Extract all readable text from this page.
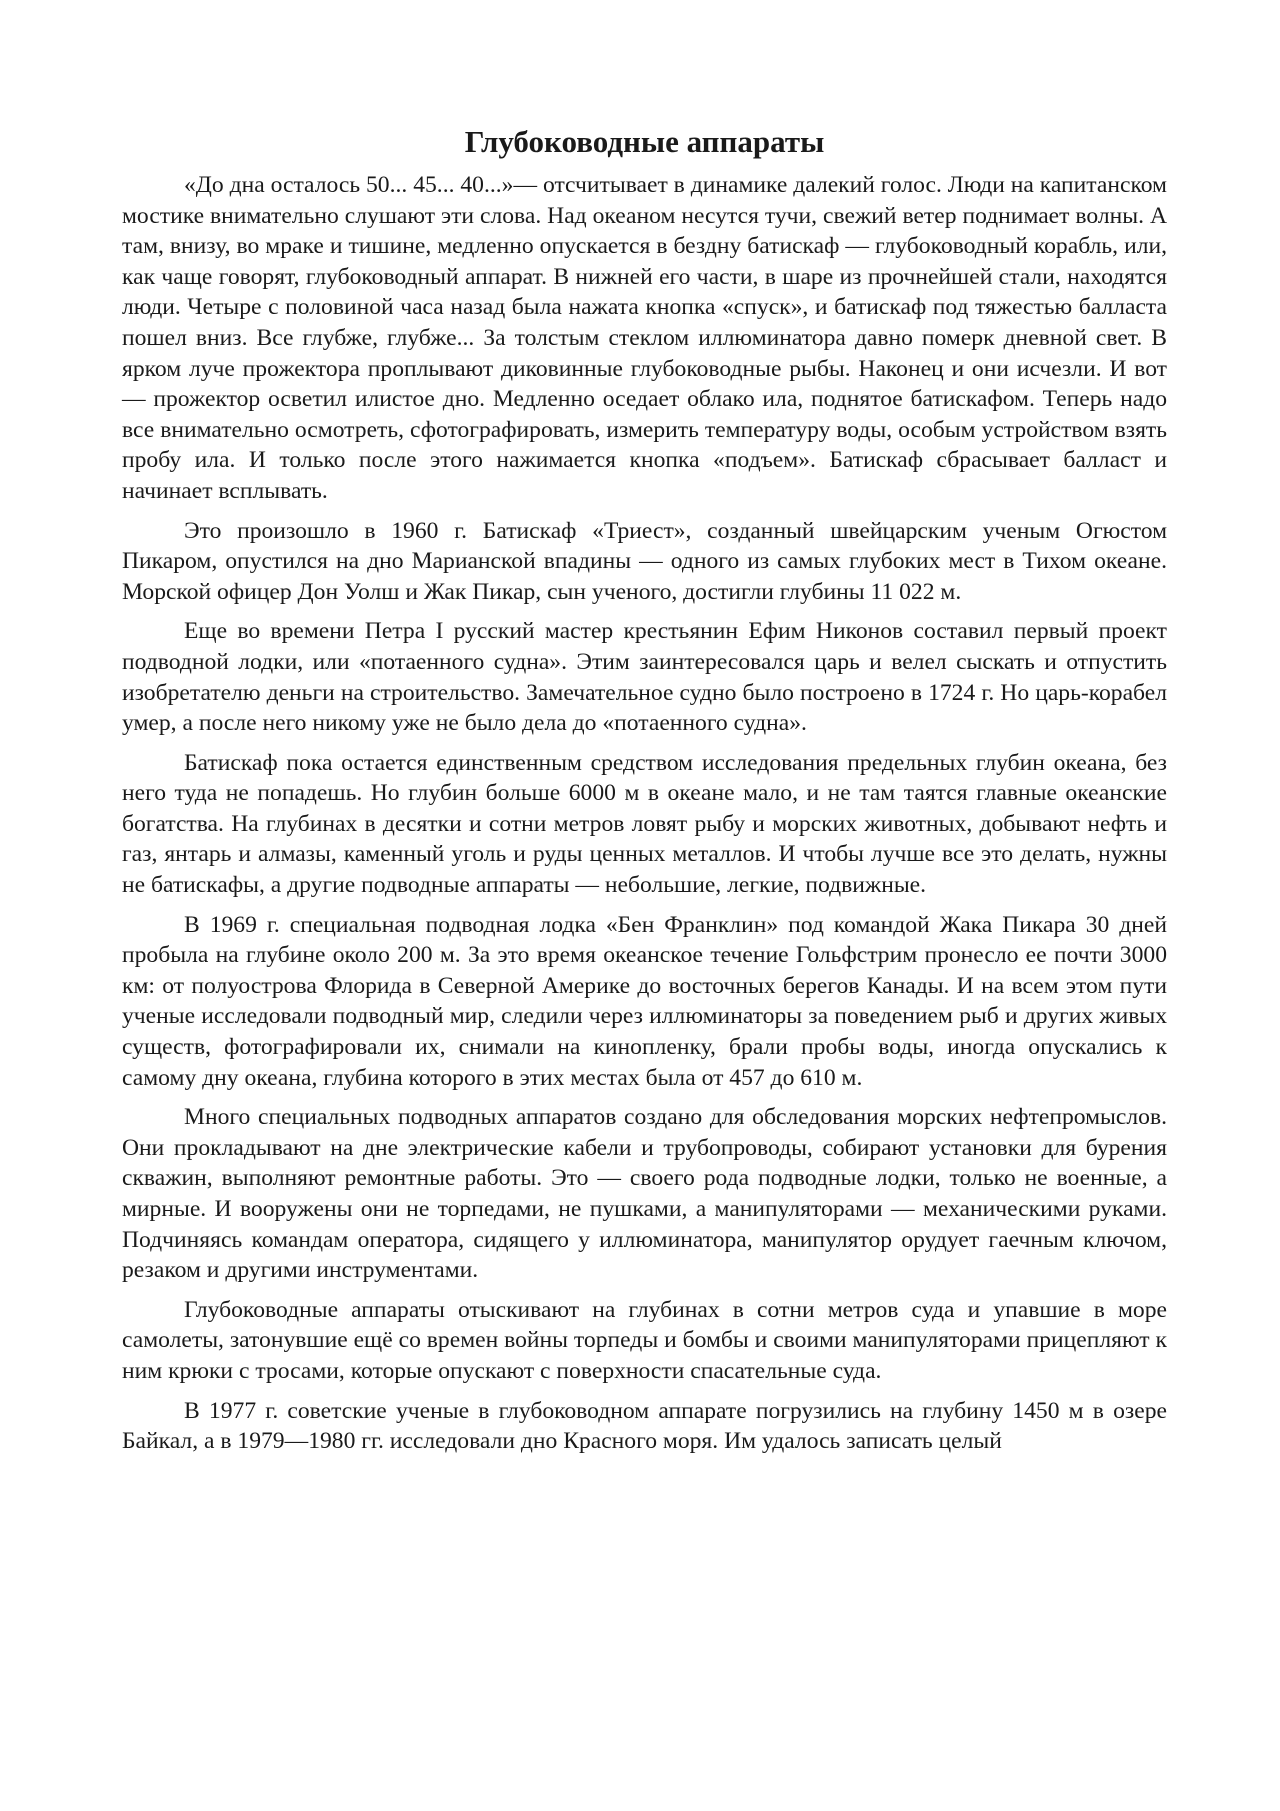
Глубоководные аппараты

«До дна осталось 50... 45... 40...»— отсчитывает в динамике далекий голос. Люди на капитанском мостике внимательно слушают эти слова. Над океаном несутся тучи, свежий ветер поднимает волны. А там, внизу, во мраке и тишине, медленно опускается в бездну батискаф — глубоководный корабль, или, как чаще говорят, глубоководный аппарат. В нижней его части, в шаре из прочнейшей стали, находятся люди. Четыре с половиной часа назад была нажата кнопка «спуск», и батискаф под тяжестью балласта пошел вниз. Все глубже, глубже... За толстым стеклом иллюминатора давно померк дневной свет. В ярком луче прожектора проплывают диковинные глубоководные рыбы. Наконец и они исчезли. И вот — прожектор осветил илистое дно. Медленно оседает облако ила, поднятое батискафом. Теперь надо все внимательно осмотреть, сфотографировать, измерить температуру воды, особым устройством взять пробу ила. И только после этого нажимается кнопка «подъем». Батискаф сбрасывает балласт и начинает всплывать.

Это произошло в 1960 г. Батискаф «Триест», созданный швейцарским ученым Огюстом Пикаром, опустился на дно Марианской впадины — одного из самых глубоких мест в Тихом океане. Морской офицер Дон Уолш и Жак Пикар, сын ученого, достигли глубины 11 022 м.

Еще во времени Петра I русский мастер крестьянин Ефим Никонов составил первый проект подводной лодки, или «потаенного судна». Этим заинтересовался царь и велел сыскать и отпустить изобретателю деньги на строительство. Замечательное судно было построено в 1724 г. Но царь-корабел умер, а после него никому уже не было дела до «потаенного судна».

Батискаф пока остается единственным средством исследования предельных глубин океана, без него туда не попадешь. Но глубин больше 6000 м в океане мало, и не там таятся главные океанские богатства. На глубинах в десятки и сотни метров ловят рыбу и морских животных, добывают нефть и газ, янтарь и алмазы, каменный уголь и руды ценных металлов. И чтобы лучше все это делать, нужны не батискафы, а другие подводные аппараты — небольшие, легкие, подвижные.

В 1969 г. специальная подводная лодка «Бен Франклин» под командой Жака Пикара 30 дней пробыла на глубине около 200 м. За это время океанское течение Гольфстрим пронесло ее почти 3000 км: от полуострова Флорида в Северной Америке до восточных берегов Канады. И на всем этом пути ученые исследовали подводный мир, следили через иллюминаторы за поведением рыб и других живых существ, фотографировали их, снимали на кинопленку, брали пробы воды, иногда опускались к самому дну океана, глубина которого в этих местах была от 457 до 610 м.

Много специальных подводных аппаратов создано для обследования морских нефтепромыслов. Они прокладывают на дне электрические кабели и трубопроводы, собирают установки для бурения скважин, выполняют ремонтные работы. Это — своего рода подводные лодки, только не военные, а мирные. И вооружены они не торпедами, не пушками, а манипуляторами — механическими руками. Подчиняясь командам оператора, сидящего у иллюминатора, манипулятор орудует гаечным ключом, резаком и другими инструментами.

Глубоководные аппараты отыскивают на глубинах в сотни метров суда и упавшие в море самолеты, затонувшие ещё со времен войны торпеды и бомбы и своими манипуляторами прицепляют к ним крюки с тросами, которые опускают с поверхности спасательные суда.

В 1977 г. советские ученые в глубоководном аппарате погрузились на глубину 1450 м в озере Байкал, а в 1979—1980 гг. исследовали дно Красного моря. Им удалось записать целый
